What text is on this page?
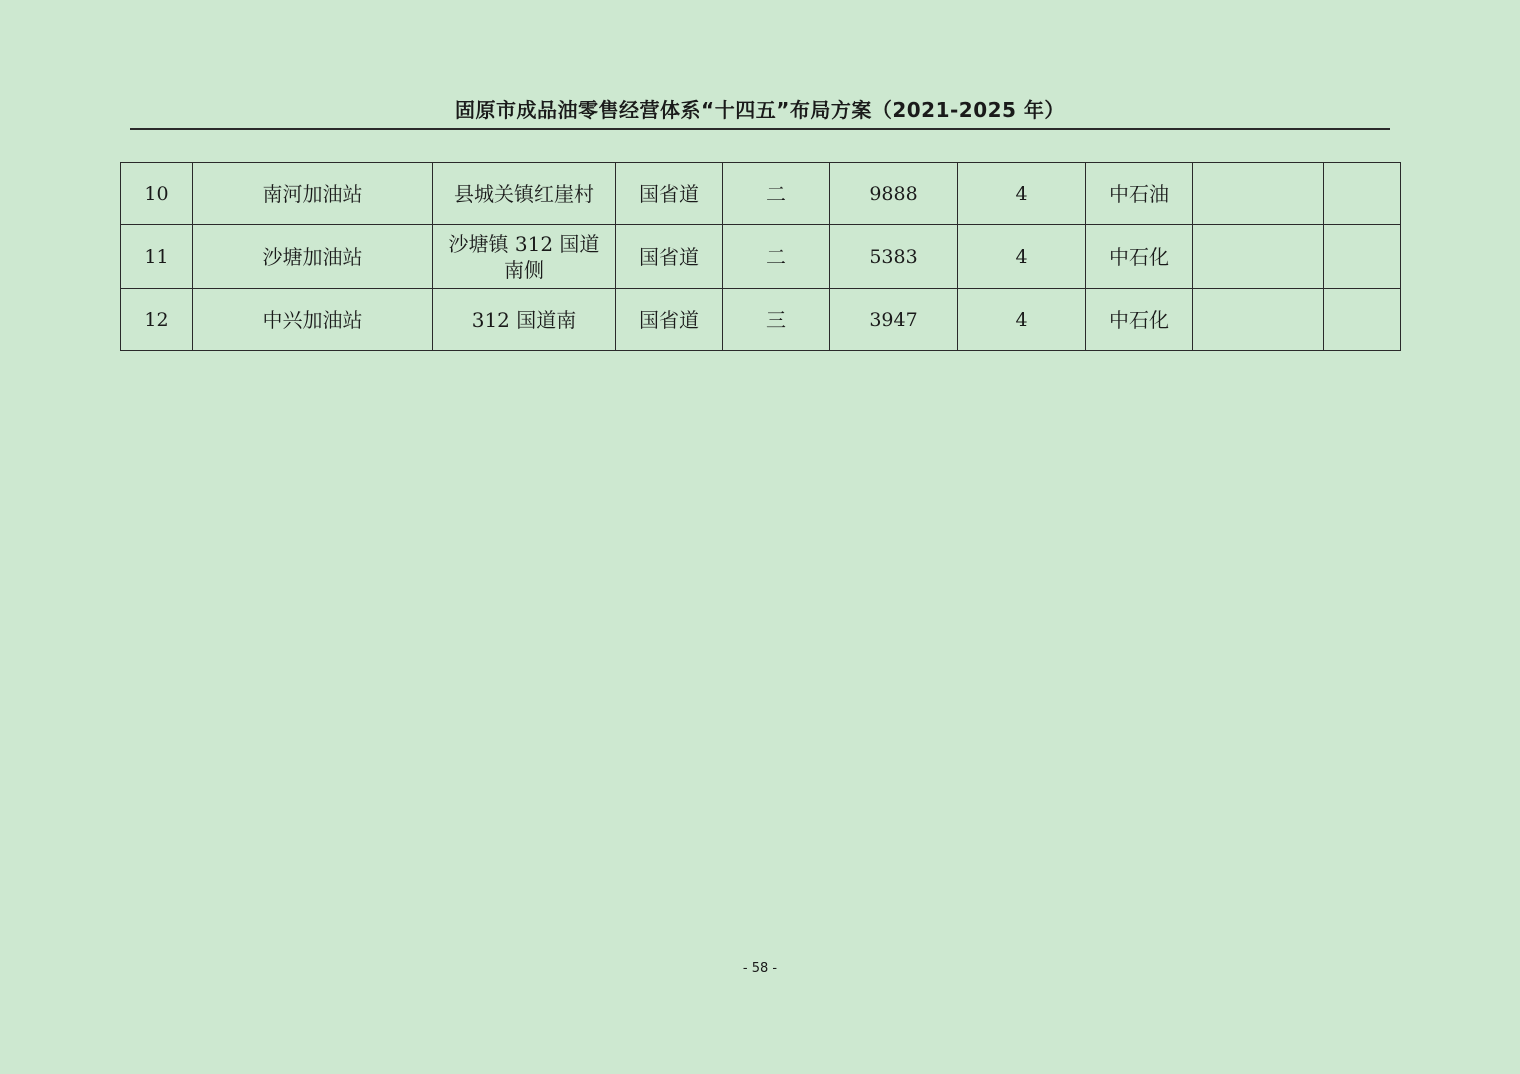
固原市成品油零售经营体系“十四五”布局方案（2021-2025 年）
10	南河加油站	县城关镇红崖村	国省道	二	9888	4	中石油		
11	沙塘加油站	沙塘镇 312 国道南侧	国省道	二	5383	4	中石化		
12	中兴加油站	312 国道南	国省道	三	3947	4	中石化		
- 58 -
